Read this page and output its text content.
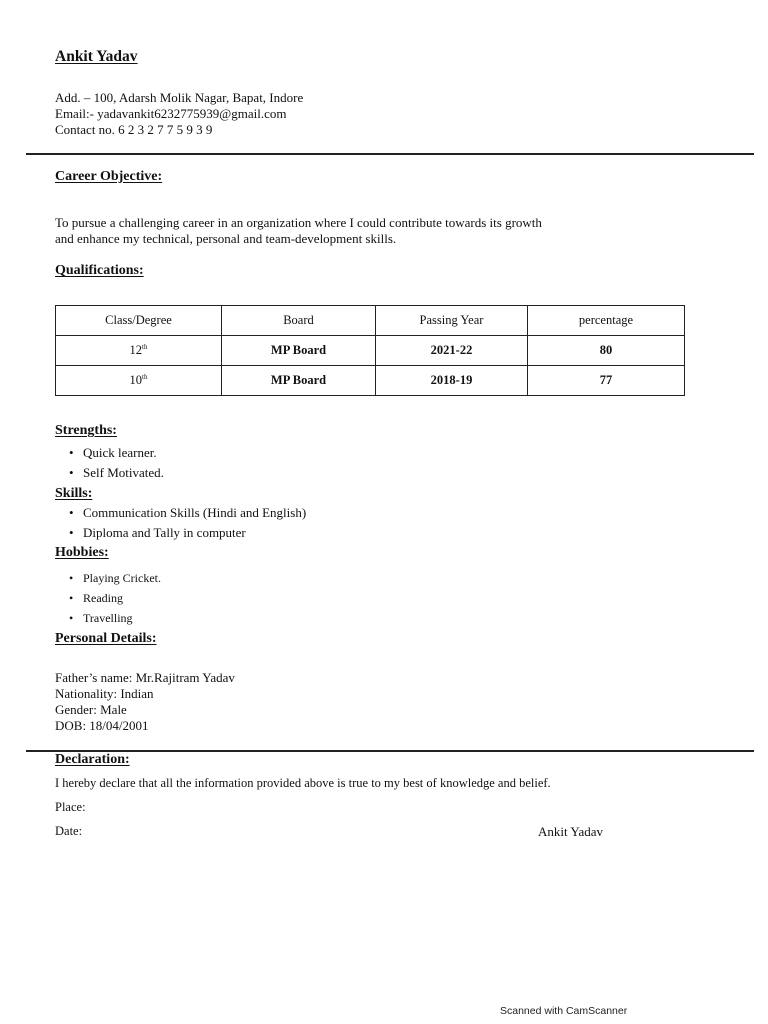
Ankit Yadav
Add. – 100, Adarsh Molik Nagar, Bapat, Indore
Email:- yadavankit6232775939@gmail.com
Contact no. 6 2 3 2 7 7 5 9 3 9
Career Objective:
To pursue a challenging career in an organization where I could contribute towards its growth
and enhance my technical, personal and team-development skills.
Qualifications:
Class/Degree	Board	Passing Year	percentage
12th	MP Board	2021-22	80
10th	MP Board	2018-19	77
Strengths:
• Quick learner.
• Self Motivated.
Skills:
• Communication Skills (Hindi and English)
• Diploma and Tally in computer
Hobbies:
• Playing Cricket.
• Reading
• Travelling
Personal Details:
Father’s name: Mr.Rajitram Yadav
Nationality: Indian
Gender: Male
DOB: 18/04/2001
Declaration:
I hereby declare that all the information provided above is true to my best of knowledge and belief.
Place:
Date:	Ankit Yadav
Scanned with CamScanner
